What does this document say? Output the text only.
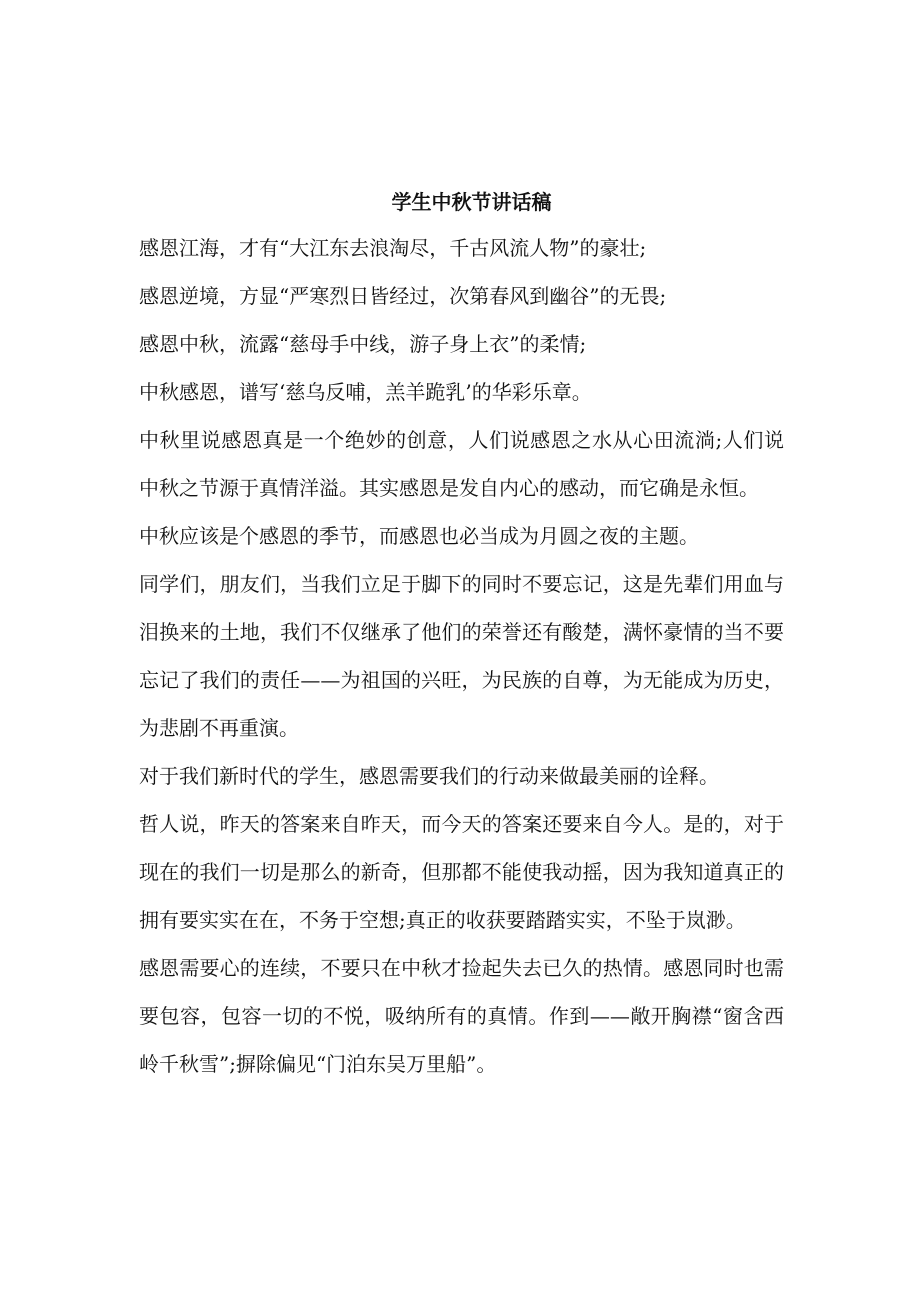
学生中秋节讲话稿

感恩江海，才有“大江东去浪淘尽，千古风流人物”的豪壮;

感恩逆境，方显“严寒烈日皆经过，次第春风到幽谷”的无畏;

感恩中秋，流露“慈母手中线，游子身上衣”的柔情;

中秋感恩，谱写‘慈乌反哺，羔羊跪乳’的华彩乐章。

中秋里说感恩真是一个绝妙的创意，人们说感恩之水从心田流淌;人们说中秋之节源于真情洋溢。其实感恩是发自内心的感动，而它确是永恒。

中秋应该是个感恩的季节，而感恩也必当成为月圆之夜的主题。

同学们，朋友们，当我们立足于脚下的同时不要忘记，这是先辈们用血与泪换来的土地，我们不仅继承了他们的荣誉还有酸楚，满怀豪情的当不要忘记了我们的责任——为祖国的兴旺，为民族的自尊，为无能成为历史，为悲剧不再重演。

对于我们新时代的学生，感恩需要我们的行动来做最美丽的诠释。

哲人说，昨天的答案来自昨天，而今天的答案还要来自今人。是的，对于现在的我们一切是那么的新奇，但那都不能使我动摇，因为我知道真正的拥有要实实在在，不务于空想;真正的收获要踏踏实实，不坠于岚渺。

感恩需要心的连续，不要只在中秋才捡起失去已久的热情。感恩同时也需要包容，包容一切的不悦，吸纳所有的真情。作到——敞开胸襟“窗含西岭千秋雪”;摒除偏见“门泊东吴万里船”。
